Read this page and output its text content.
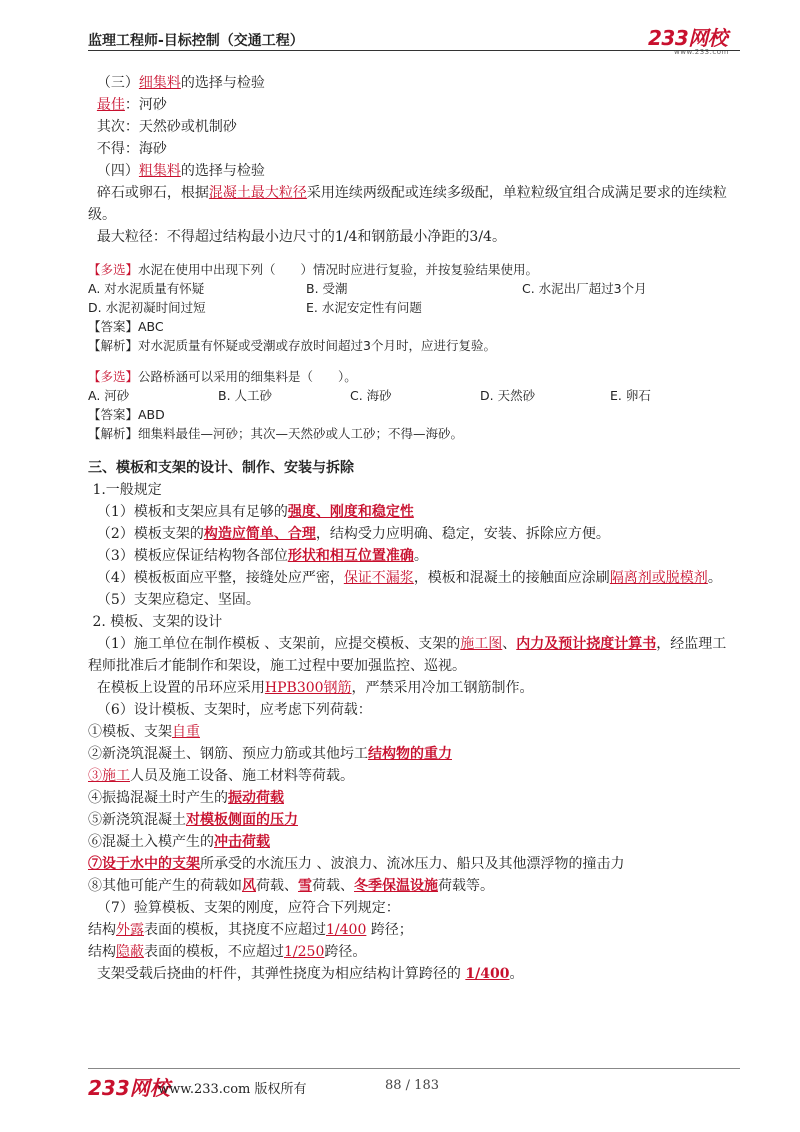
监理工程师-目标控制（交通工程）	233网校
www.233.com

（三）细集料的选择与检验

最佳：河砂

其次：天然砂或机制砂

不得：海砂

（四）粗集料的选择与检验

碎石或卵石，根据混凝土最大粒径采用连续两级配或连续多级配，单粒粒级宜组合成满足要求的连续粒级。

最大粒径：不得超过结构最小边尺寸的1/4和钢筋最小净距的3/4。

【多选】水泥在使用中出现下列（　　）情况时应进行复验，并按复验结果使用。
A. 对水泥质量有怀疑	B. 受潮	C. 水泥出厂超过3个月
D. 水泥初凝时间过短	E. 水泥安定性有问题
【答案】ABC
【解析】对水泥质量有怀疑或受潮或存放时间超过3个月时，应进行复验。
【多选】公路桥涵可以采用的细集料是（　　）。
A. 河砂	B. 人工砂	C. 海砂	D. 天然砂	E. 卵石
【答案】ABD
【解析】细集料最佳—河砂；其次—天然砂或人工砂；不得—海砂。

三、模板和支架的设计、制作、安装与拆除

1.一般规定

（1）模板和支架应具有足够的强度、刚度和稳定性

（2）模板支架的构造应简单、合理，结构受力应明确、稳定，安装、拆除应方便。

（3）模板应保证结构物各部位形状和相互位置准确。

（4）模板板面应平整，接缝处应严密，保证不漏浆，模板和混凝土的接触面应涂刷隔离剂或脱模剂。

（5）支架应稳定、坚固。

2. 模板、支架的设计

（1）施工单位在制作模板 、支架前，应提交模板、支架的施工图、内力及预计挠度计算书，经监理工程师批准后才能制作和架设，施工过程中要加强监控、巡视。

在模板上设置的吊环应采用HPB300钢筋，严禁采用冷加工钢筋制作。

（6）设计模板、支架时，应考虑下列荷载：

①模板、支架自重

②新浇筑混凝土、钢筋、预应力筋或其他圬工结构物的重力

③施工人员及施工设备、施工材料等荷载。

④振捣混凝土时产生的振动荷载

⑤新浇筑混凝土对模板侧面的压力

⑥混凝土入模产生的冲击荷载

⑦设于水中的支架所承受的水流压力 、波浪力、流冰压力、船只及其他漂浮物的撞击力

⑧其他可能产生的荷载如风荷载、雪荷载、冬季保温设施荷载等。

（7）验算模板、支架的刚度，应符合下列规定：

结构外露表面的模板，其挠度不应超过1/400 跨径；

结构隐蔽表面的模板，不应超过1/250跨径。

支架受载后挠曲的杆件，其弹性挠度为相应结构计算跨径的 1/400。

233网校
www.233.com 版权所有	88 / 183
